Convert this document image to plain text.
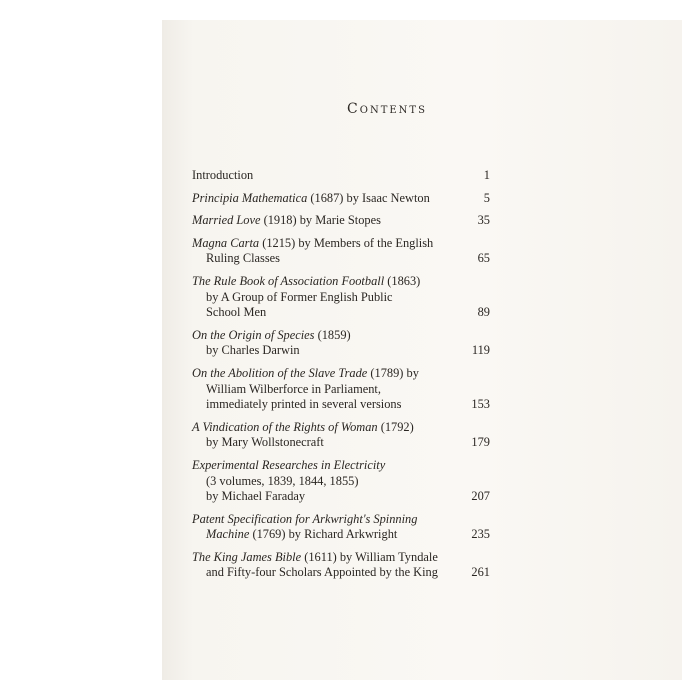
Contents
Introduction	1
Principia Mathematica (1687) by Isaac Newton	5
Married Love (1918) by Marie Stopes	35
Magna Carta (1215) by Members of the English
Ruling Classes	65
The Rule Book of Association Football (1863)
by A Group of Former English Public
School Men	89
On the Origin of Species (1859)
by Charles Darwin	119
On the Abolition of the Slave Trade (1789) by
William Wilberforce in Parliament,
immediately printed in several versions	153
A Vindication of the Rights of Woman (1792)
by Mary Wollstonecraft	179
Experimental Researches in Electricity
(3 volumes, 1839, 1844, 1855)
by Michael Faraday	207
Patent Specification for Arkwright's Spinning
Machine (1769) by Richard Arkwright	235
The King James Bible (1611) by William Tyndale
and Fifty-four Scholars Appointed by the King	261
